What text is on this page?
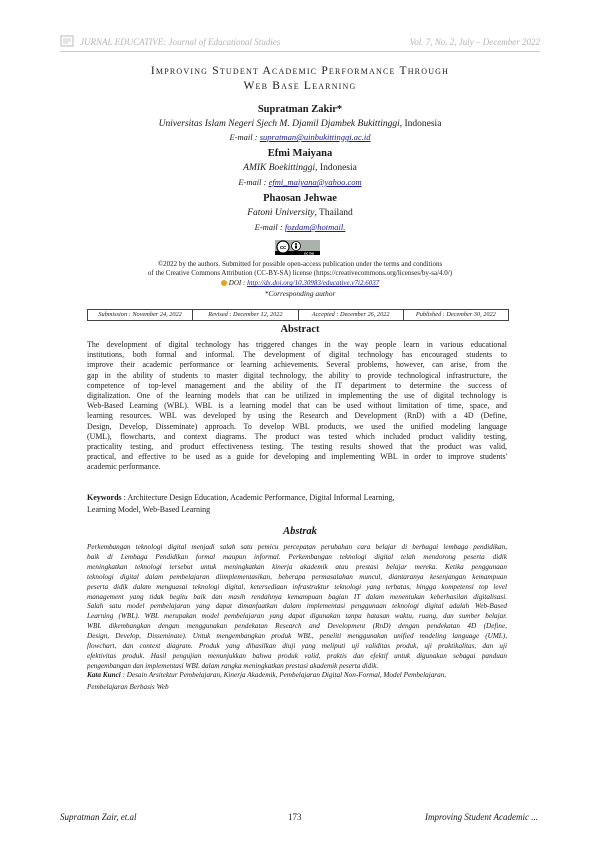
JURNAL EDUCATIVE: Journal of Educational Studies	Vol. 7, No. 2, July – December 2022
Improving Student Academic Performance Through
Web Base Learning
Supratman Zakir*
Universitas Islam Negeri Sjech M. Djamil Djambek Bukittinggi, Indonesia
E-mail : supratman@uinbukittinggi.ac.id
Efmi Maiyana
AMIK Boekittinggi, Indonesia
E-mail : efmi_maiyana@yahoo.com
Phaosan Jehwae
Fatoni University, Thailand
E-mail : fozdam@hotmail.
cc
cc by
©2022 by the authors. Submitted for possible open-access publication under the terms and conditions
of the Creative Commons Attribution (CC-BY-SA) license (https://creativecommons.org/licenses/by-sa/4.0/)
DOI : http://dx.doi.org/10.30983/educative.v7i2.6037
*Corresponding author
Submission : November 24, 2022	Revised : December 12, 2022	Accepted : December 26, 2022	Published : December 30, 2022
Abstract
The development of digital technology has triggered changes in the way people learn in various educational
institutions, both formal and informal. The development of digital technology has encouraged students to
improve their academic performance or learning achievements. Several problems, however, can arise, from the
gap in the ability of students to master digital technology, the ability to provide technological infrastructure, the
competence of top-level management and the ability of the IT department to determine the success of
digitalization. One of the learning models that can be utilized in implementing the use of digital technology is
Web-Based Learning (WBL). WBL is a learning model that can be used without limitation of time, space, and
learning resources. WBL was developed by using the Research and Development (RnD) with a 4D (Define,
Design, Develop, Disseminate) approach. To develop WBL products, we used the unified modeling language
(UML), flowcharts, and context diagrams. The product was tested which included product validity testing,
practicality testing, and product effectiveness testing. The testing results showed that the product was valid,
practical, and effective to be used as a guide for developing and implementing WBL in order to improve students'
academic performance.
Keywords : Architecture Design Education, Academic Performance, Digital Informal Learning,
Learning Model, Web-Based Learning
Abstrak
Perkembangan teknologi digital menjadi salah satu pemicu percepatan perubahan cara belajar di berbagai lembaga pendidikan,
baik di Lembaga Pendidikan formal maupun informal. Perkembangan teknologi digital telah mendorong peserta didik
meningkatkan teknologi tersebut untuk meningkatkan kinerja akademik atau prestasi belajar mereka. Ketika penggunaan
teknologi digital dalam pembelajaran diimplementasikan, beberapa permasalahan muncul, diantaranya kesenjangan kemampuan
peserta didik dalam menguasai teknologi digital, ketersediaan infrastruktur teknologi yang terbatas, hingga kompetensi top level
management yang tidak begitu baik dan masih rendahnya kemampuan bagian IT dalam menentukan keberhasilan digitalisasi.
Salah satu model pembelajaran yang dapat dimanfaatkan dalam implementasi penggunaan teknologi digital adalah Web-Based
Learning (WBL). WBL merupakan model pembelajaran yang dapat digunakan tanpa batasan waktu, ruang, dan sumber belajar.
WBL dikembangkan dengan menggunakan pendekatan Research and Development (RnD) dengan pendekatan 4D (Define,
Design, Develop, Disseminate). Untuk mengembangkan produk WBL, peneliti menggunakan unified modeling language (UML),
flowchart, dan context diagram. Produk yang dihasilkan diuji yang meliputi uji validitas produk, uji praktikalitas, dan uji
efektivitas produk. Hasil pengujian menunjukkan bahwa produk valid, praktis dan efektif untuk digunakan sebagai panduan
pengembangan dan implementasi WBL dalam rangka meningkatkan prestasi akademik peserta didik.
Kata Kunci : Desain Arsitektur Pembelajaran, Kinerja Akademik, Pembelajaran Digital Non-Formal, Model Pembelajaran,
Pembelajaran Berbasis Web
Supratman Zair, et.al	173	Improving Student Academic ...
